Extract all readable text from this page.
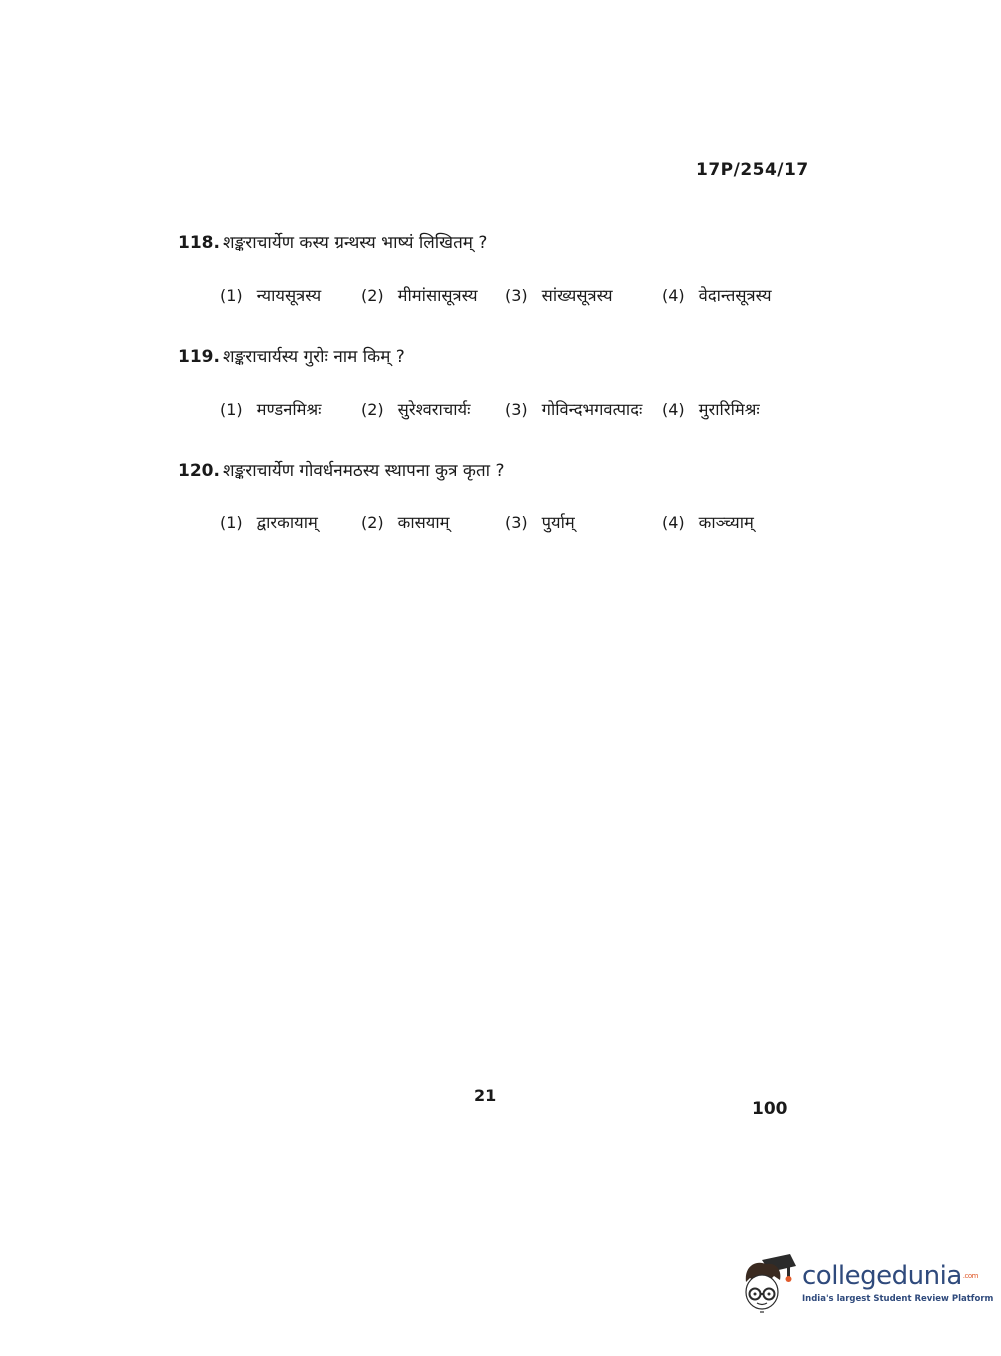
17P/254/17
118. शङ्कराचार्येण कस्य ग्रन्थस्य भाष्यं लिखितम् ?
(1) न्यायसूत्रस्य (2) मीमांसासूत्रस्य (3) सांख्यसूत्रस्य	(4) वेदान्तसूत्रस्य
119. शङ्कराचार्यस्य गुरोः नाम किम् ?
(1) मण्डनमिश्रः (2) सुरेश्वराचार्यः (3) गोविन्दभगवत्पादः (4) मुरारिमिश्रः
120. शङ्कराचार्येण गोवर्धनमठस्य स्थापना कुत्र कृता ?
(1) द्वारकायाम्	(2) कासयाम्	(3) पुर्याम्	(4) काञ्च्याम्
21
100
collegedunia$^{.com}$
India's largest Student Review Platform
